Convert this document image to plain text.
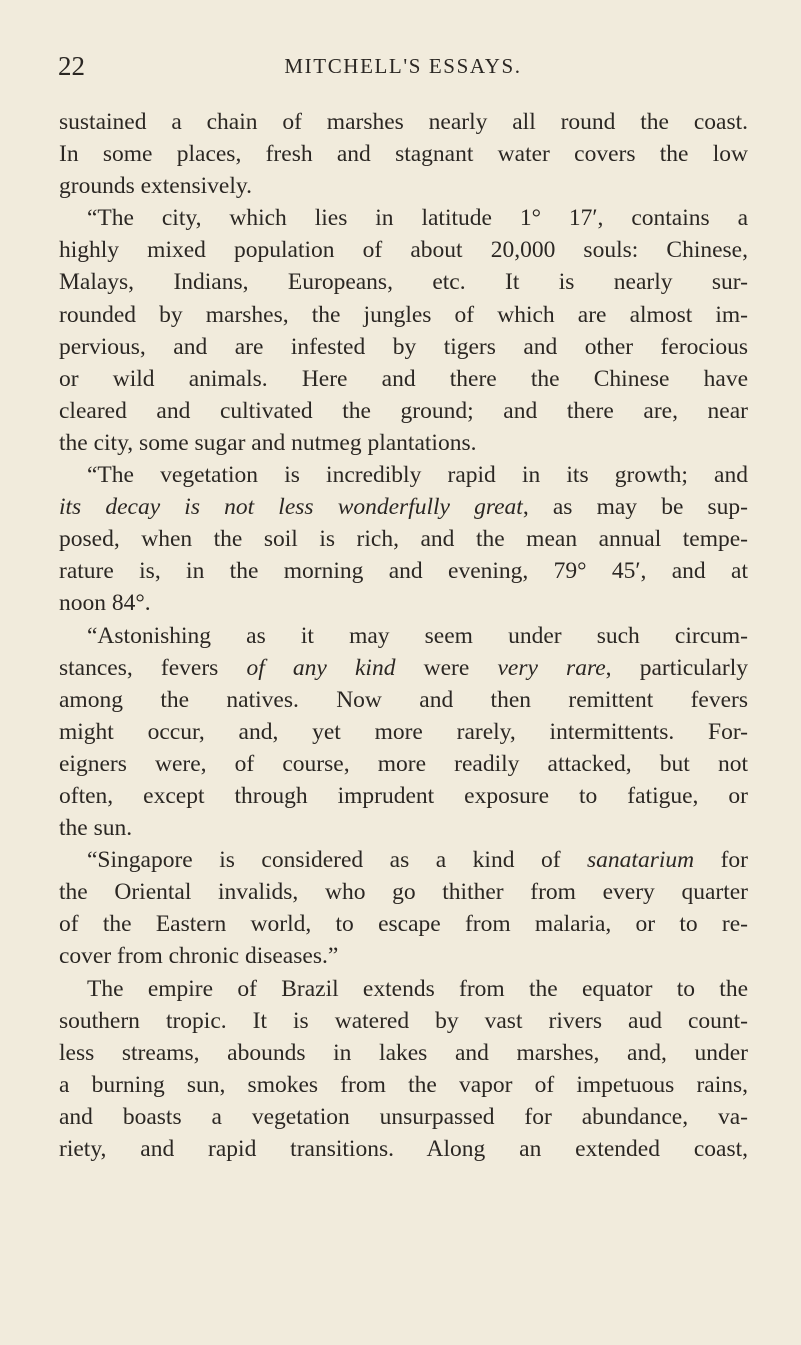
22	MITCHELL'S ESSAYS.
sustained a chain of marshes nearly all round the coast.
In some places, fresh and stagnant water covers the low
grounds extensively.
“The city, which lies in latitude 1° 17′, contains a
highly mixed population of about 20,000 souls: Chinese,
Malays, Indians, Europeans, etc. It is nearly sur-
rounded by marshes, the jungles of which are almost im-
pervious, and are infested by tigers and other ferocious
or wild animals. Here and there the Chinese have
cleared and cultivated the ground; and there are, near
the city, some sugar and nutmeg plantations.
“The vegetation is incredibly rapid in its growth; and
its decay is not less wonderfully great, as may be sup-
posed, when the soil is rich, and the mean annual tempe-
rature is, in the morning and evening, 79° 45′, and at
noon 84°.
“Astonishing as it may seem under such circum-
stances, fevers of any kind were very rare, particularly
among the natives. Now and then remittent fevers
might occur, and, yet more rarely, intermittents. For-
eigners were, of course, more readily attacked, but not
often, except through imprudent exposure to fatigue, or
the sun.
“Singapore is considered as a kind of sanatarium for
the Oriental invalids, who go thither from every quarter
of the Eastern world, to escape from malaria, or to re-
cover from chronic diseases.”
The empire of Brazil extends from the equator to the
southern tropic. It is watered by vast rivers aud count-
less streams, abounds in lakes and marshes, and, under
a burning sun, smokes from the vapor of impetuous rains,
and boasts a vegetation unsurpassed for abundance, va-
riety, and rapid transitions. Along an extended coast,
